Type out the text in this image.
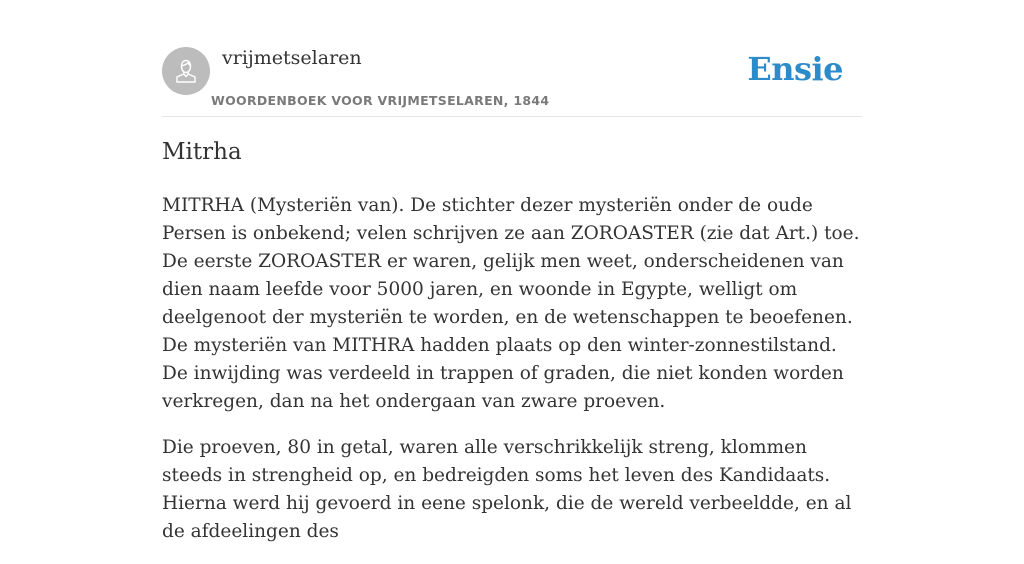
vrijmetselaren
WOORDENBOEK VOOR VRIJMETSELAREN, 1844
Ensie
Mitrha

MITRHA (Mysteriën van). De stichter dezer mysteriën onder de oude Persen is onbekend; velen schrijven ze aan ZOROASTER (zie dat Art.) toe. De eerste ZOROASTER er waren, gelijk men weet, onderscheidenen van dien naam leefde voor 5000 jaren, en woonde in Egypte, welligt om deelgenoot der mysteriën te worden, en de wetenschappen te beoefenen. De mysteriën van MITHRA hadden plaats op den winter-zonnestilstand. De inwijding was verdeeld in trappen of graden, die niet konden worden verkregen, dan na het ondergaan van zware proeven.

Die proeven, 80 in getal, waren alle verschrikkelijk streng, klommen steeds in strengheid op, en bedreigden soms het leven des Kandidaats. Hierna werd hij gevoerd in eene spelonk, die de wereld verbeeldde, en al de afdeelingen des
